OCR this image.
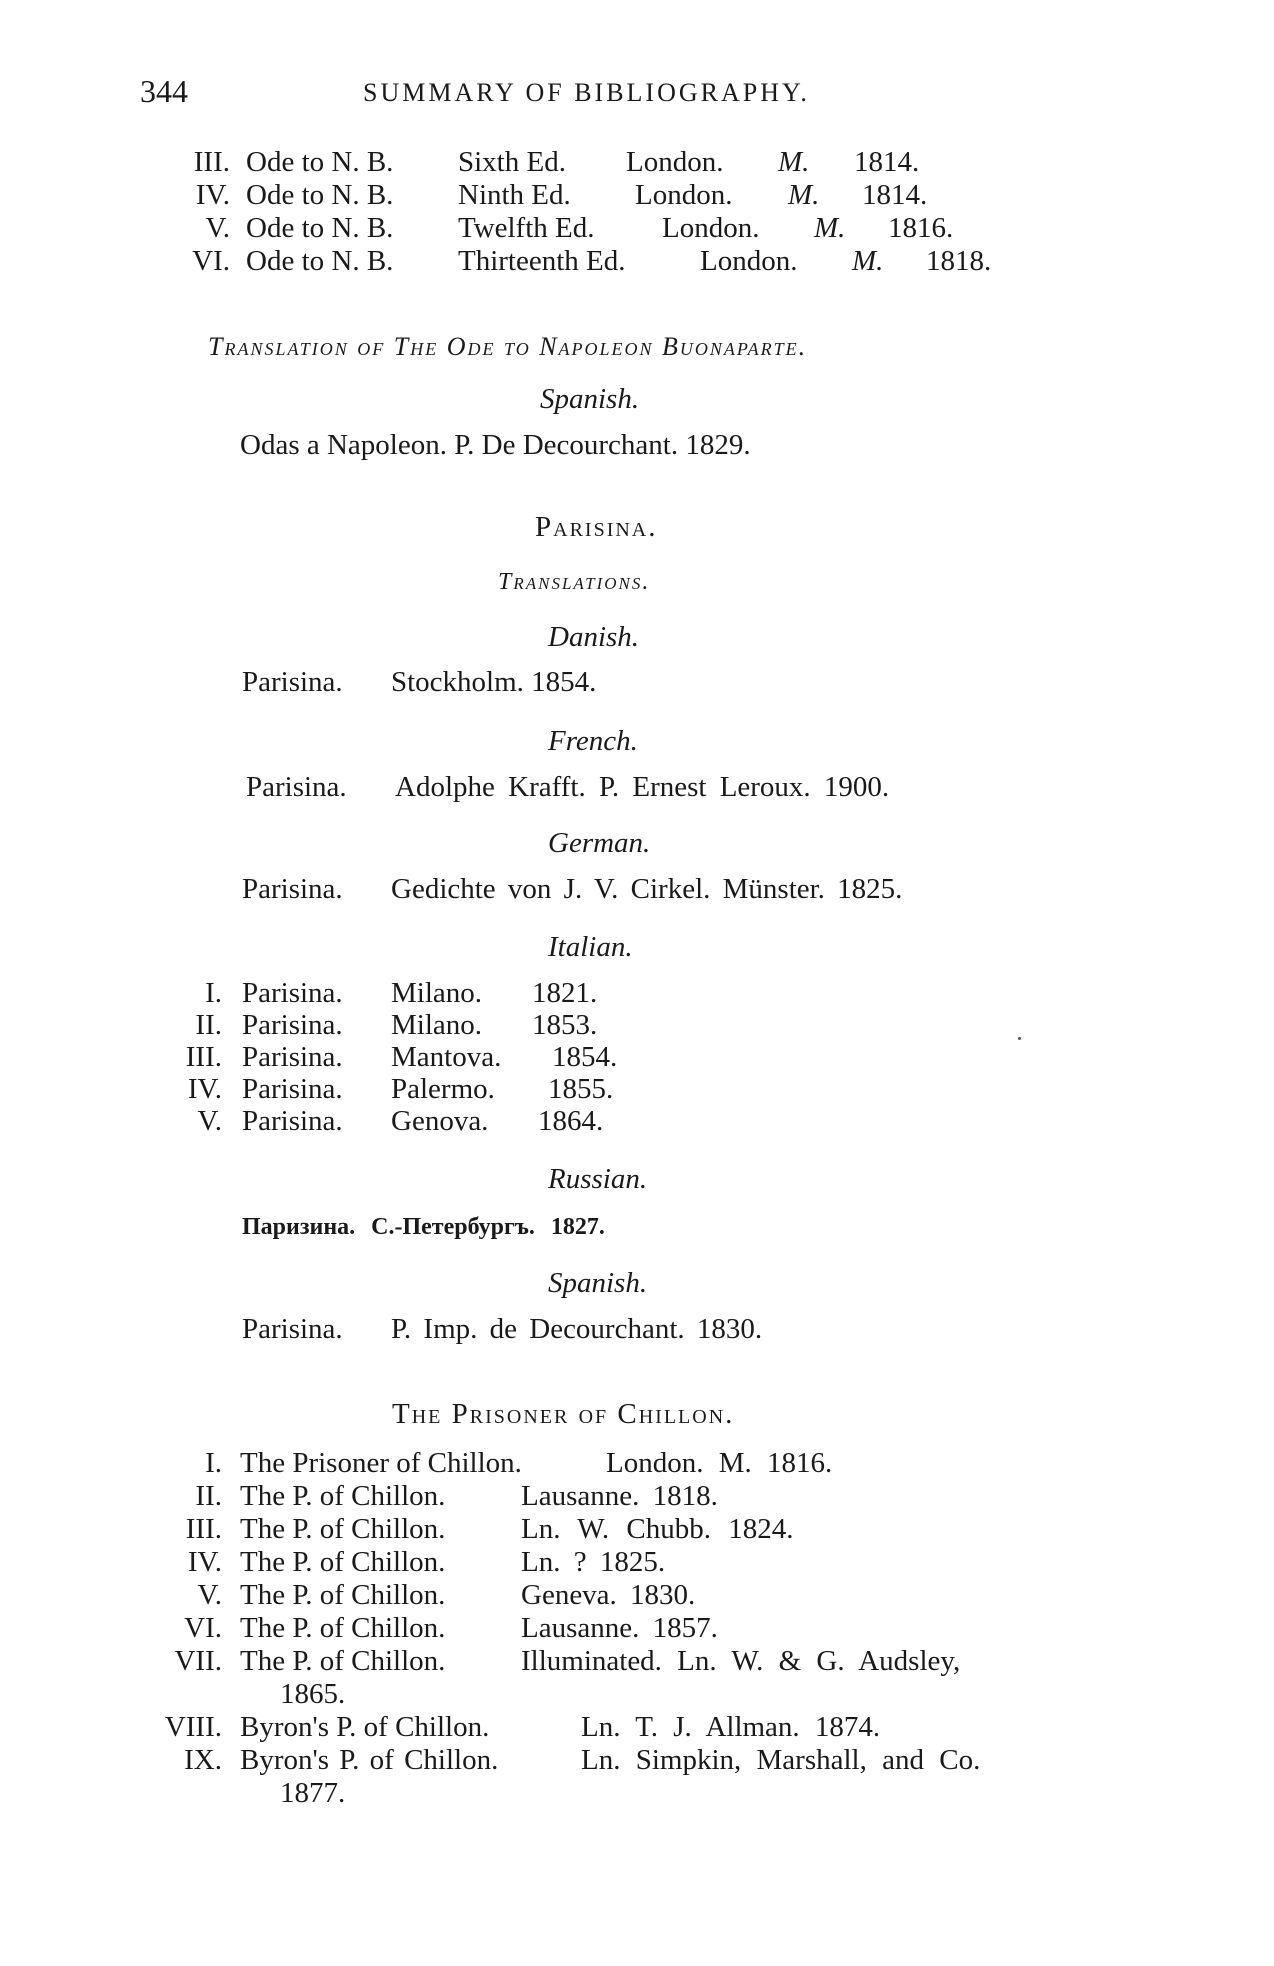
344	SUMMARY OF BIBLIOGRAPHY.
III. Ode to N. B. Sixth Ed. London. M. 1814.
IV. Ode to N. B. Ninth Ed. London. M. 1814.
V. Ode to N. B. Twelfth Ed. London. M. 1816.
VI. Ode to N. B. Thirteenth Ed.	London. M. 1818.
Translation of The Ode to Napoleon Buonaparte.
Spanish.
Odas a Napoleon. P. De Decourchant. 1829.
Parisina.
Translations.
Danish.
Parisina. Stockholm. 1854.
French.
Parisina. Adolphe Krafft. P. Ernest Leroux. 1900.
German.
Parisina. Gedichte von J. V. Cirkel. Münster. 1825.
Italian.
I. Parisina. Milano. 1821.
II. Parisina. Milano. 1853.
III. Parisina. Mantova. 1854.
IV. Parisina. Palermo. 1855.
V. Parisina. Genova. 1864.
Russian.
Паризина. С.-Петербургъ. 1827.
Spanish.
Parisina. P. Imp. de Decourchant. 1830.
The Prisoner of Chillon.
I. The Prisoner of Chillon.	London. M. 1816.
II. The P. of Chillon.	Lausanne. 1818.
III. The P. of Chillon.	Ln. W. Chubb. 1824.
IV. The P. of Chillon.	Ln. ? 1825.
V. The P. of Chillon.	Geneva. 1830.
VI. The P. of Chillon.	Lausanne. 1857.
VII. The P. of Chillon.	Illuminated. Ln. W. & G. Audsley,
1865.
VIII. Byron's P. of Chillon.	Ln. T. J. Allman. 1874.
IX. Byron's P. of Chillon.	Ln. Simpkin, Marshall, and Co.
1877.
